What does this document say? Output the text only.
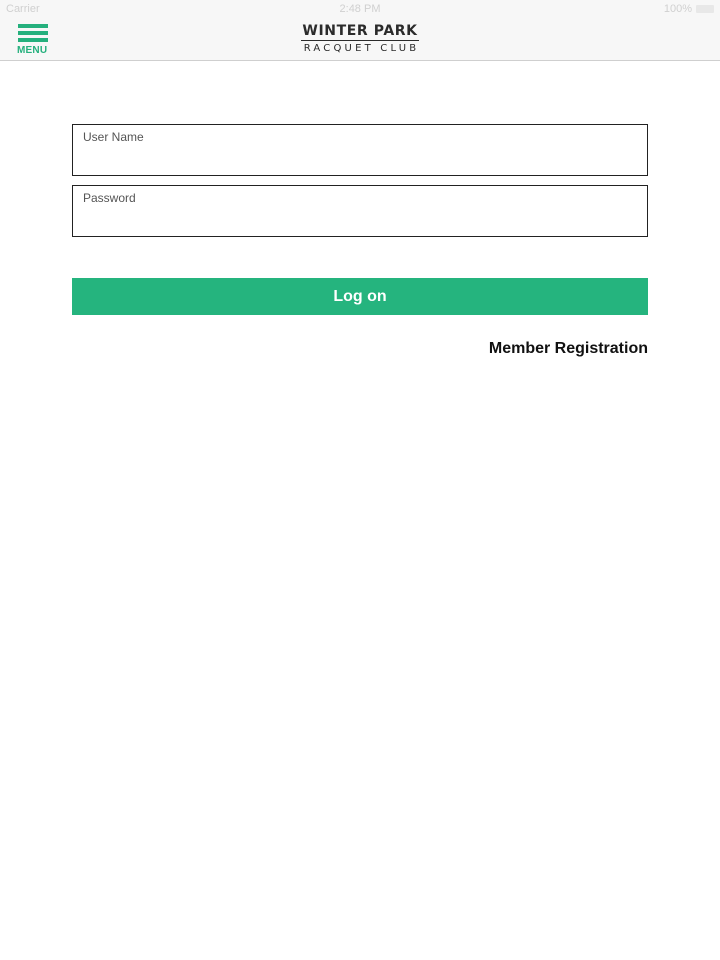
Carrier	2:48 PM	100%
MENU
WINTER PARK
RACQUET CLUB
User Name
Password
Log on
Member Registration
